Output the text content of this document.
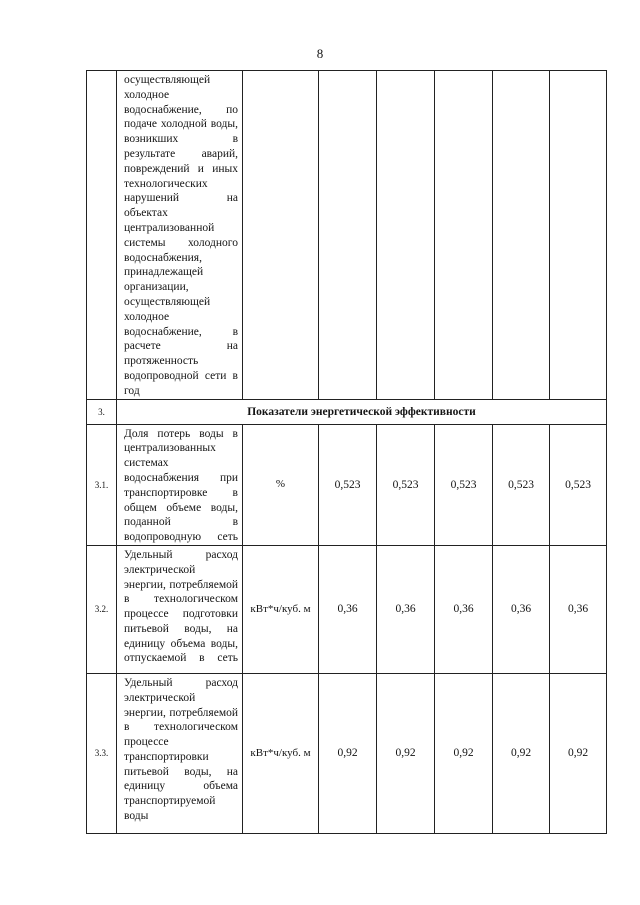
8
	осуществляющей холодное водоснабжение, по подаче холодной воды, возникших в результате аварий, повреждений и иных технологических нарушений на объектах централизованной системы холодного водоснабжения, принадлежащей организации, осуществляющей холодное водоснабжение, в расчете на протяженность водопроводной сети в год						
3.	Показатели энергетической эффективности						
3.1.	Доля потерь воды в централизованных системах водоснабжения при транспортировке в общем объеме воды, поданной в водопроводную сеть	%	0,523	0,523	0,523	0,523	0,523
3.2.	Удельный расход электрической энергии, потребляемой в технологическом процессе подготовки питьевой воды, на единицу объема воды, отпускаемой в сеть	кВт*ч/куб. м	0,36	0,36	0,36	0,36	0,36
3.3.	Удельный расход электрической энергии, потребляемой в технологическом процессе транспортировки питьевой воды, на единицу объема транспортируемой воды	кВт*ч/куб. м	0,92	0,92	0,92	0,92	0,92
